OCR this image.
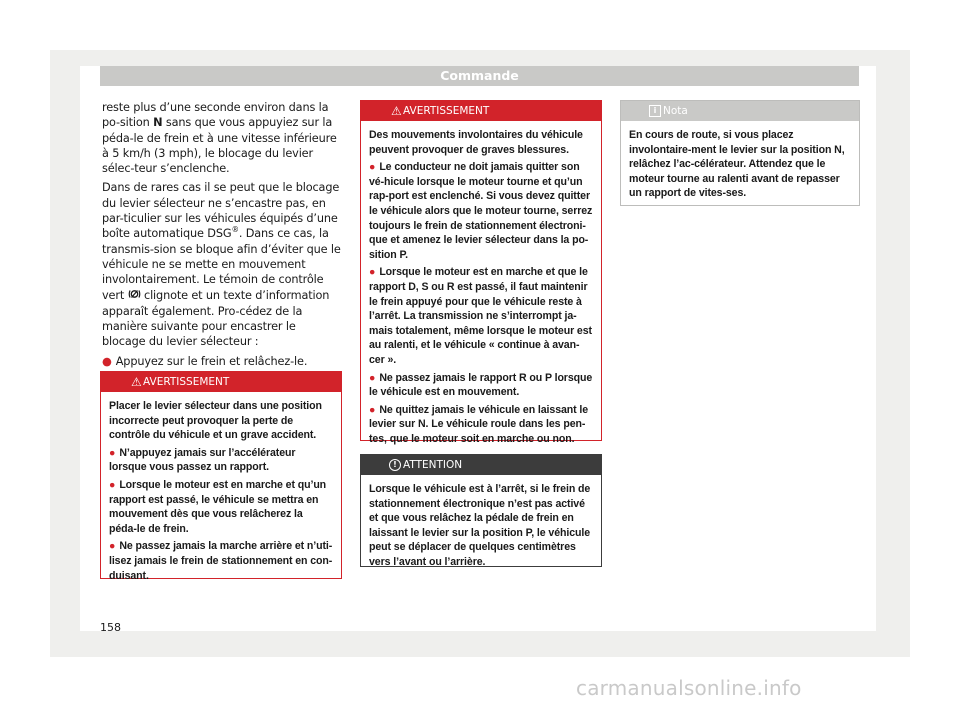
Commande

reste plus d’une seconde environ dans la po-sition N sans que vous appuyiez sur la péda-le de frein et à une vitesse inférieure à 5 km/h (3 mph), le blocage du levier sélec-teur s’enclenche.

Dans de rares cas il se peut que le blocage du levier sélecteur ne s’encastre pas, en par-ticulier sur les véhicules équipés d’une boîte automatique DSG®. Dans ce cas, la transmis-sion se bloque afin d’éviter que le véhicule ne se mette en mouvement involontairement. Le témoin de contrôle vert  clignote et un texte d’information apparaît également. Pro-cédez de la manière suivante pour encastrer le blocage du levier sélecteur :

● Appuyez sur le frein et relâchez-le.

⚠ AVERTISSEMENT

Placer le levier sélecteur dans une position incorrecte peut provoquer la perte de contrôle du véhicule et un grave accident.

● N’appuyez jamais sur l’accélérateur lorsque vous passez un rapport.

● Lorsque le moteur est en marche et qu’un rapport est passé, le véhicule se mettra en mouvement dès que vous relâcherez la péda-le de frein.

● Ne passez jamais la marche arrière et n’uti-lisez jamais le frein de stationnement en con-duisant.

⚠ AVERTISSEMENT

Des mouvements involontaires du véhicule peuvent provoquer de graves blessures.

● Le conducteur ne doit jamais quitter son vé-hicule lorsque le moteur tourne et qu’un rap-port est enclenché. Si vous devez quitter le véhicule alors que le moteur tourne, serrez toujours le frein de stationnement électroni-que et amenez le levier sélecteur dans la po-sition P.

● Lorsque le moteur est en marche et que le rapport D, S ou R est passé, il faut maintenir le frein appuyé pour que le véhicule reste à l’arrêt. La transmission ne s’interrompt ja-mais totalement, même lorsque le moteur est au ralenti, et le véhicule « continue à avan-cer ».

● Ne passez jamais le rapport R ou P lorsque le véhicule est en mouvement.

● Ne quittez jamais le véhicule en laissant le levier sur N. Le véhicule roule dans les pen-tes, que le moteur soit en marche ou non.

! ATTENTION

Lorsque le véhicule est à l’arrêt, si le frein de stationnement électronique n’est pas activé et que vous relâchez la pédale de frein en laissant le levier sur la position P, le véhicule peut se déplacer de quelques centimètres vers l’avant ou l’arrière.

i Nota

En cours de route, si vous placez involontaire-ment le levier sur la position N, relâchez l’ac-célérateur. Attendez que le moteur tourne au ralenti avant de repasser un rapport de vites-ses.

158
carmanualsonline.info
